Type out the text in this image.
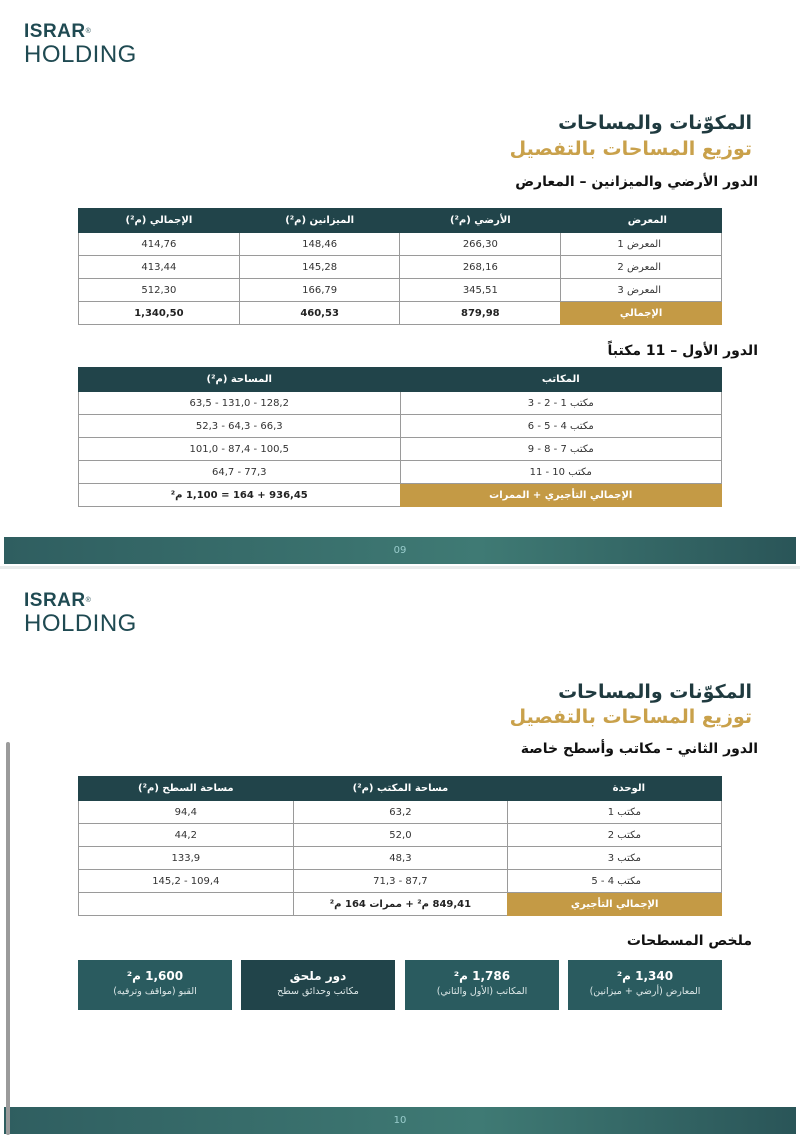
ISRAR®
HOLDING
المكوّنات والمساحات
توزيع المساحات بالتفصيل
الدور الأرضي والميزانين – المعارض
المعرض	الأرضي (م²)	الميزانين (م²)	الإجمالي (م²)
المعرض 1	266,30	148,46	414,76
المعرض 2	268,16	145,28	413,44
المعرض 3	345,51	166,79	512,30
الإجمالي	879,98	460,53	1,340,50
الدور الأول – 11 مكتباً
المكاتب	المساحة (م²)
مكتب 1 - 2 - 3	128,2 - 131,0 - 63,5
مكتب 4 - 5 - 6	66,3 - 64,3 - 52,3
مكتب 7 - 8 - 9	100,5 - 87,4 - 101,0
مكتب 10 - 11	77,3 - 64,7
الإجمالي التأجيري + الممرات	936,45 + 164 = 1,100 م²
09
ISRAR®
HOLDING
المكوّنات والمساحات
توزيع المساحات بالتفصيل
الدور الثاني – مكاتب وأسطح خاصة
الوحدة	مساحة المكتب (م²)	مساحة السطح (م²)
مكتب 1	63,2	94,4
مكتب 2	52,0	44,2
مكتب 3	48,3	133,9
مكتب 4 - 5	87,7 - 71,3	109,4 - 145,2
الإجمالي التأجيري	849,41 م² + ممرات 164 م²	
ملخص المسطحات
1,340 م²
المعارض (أرضي + ميزانين)
1,786 م²
المكاتب (الأول والثاني)
دور ملحق
مكاتب وحدائق سطح
1,600 م²
القبو (مواقف وترفيه)
10
